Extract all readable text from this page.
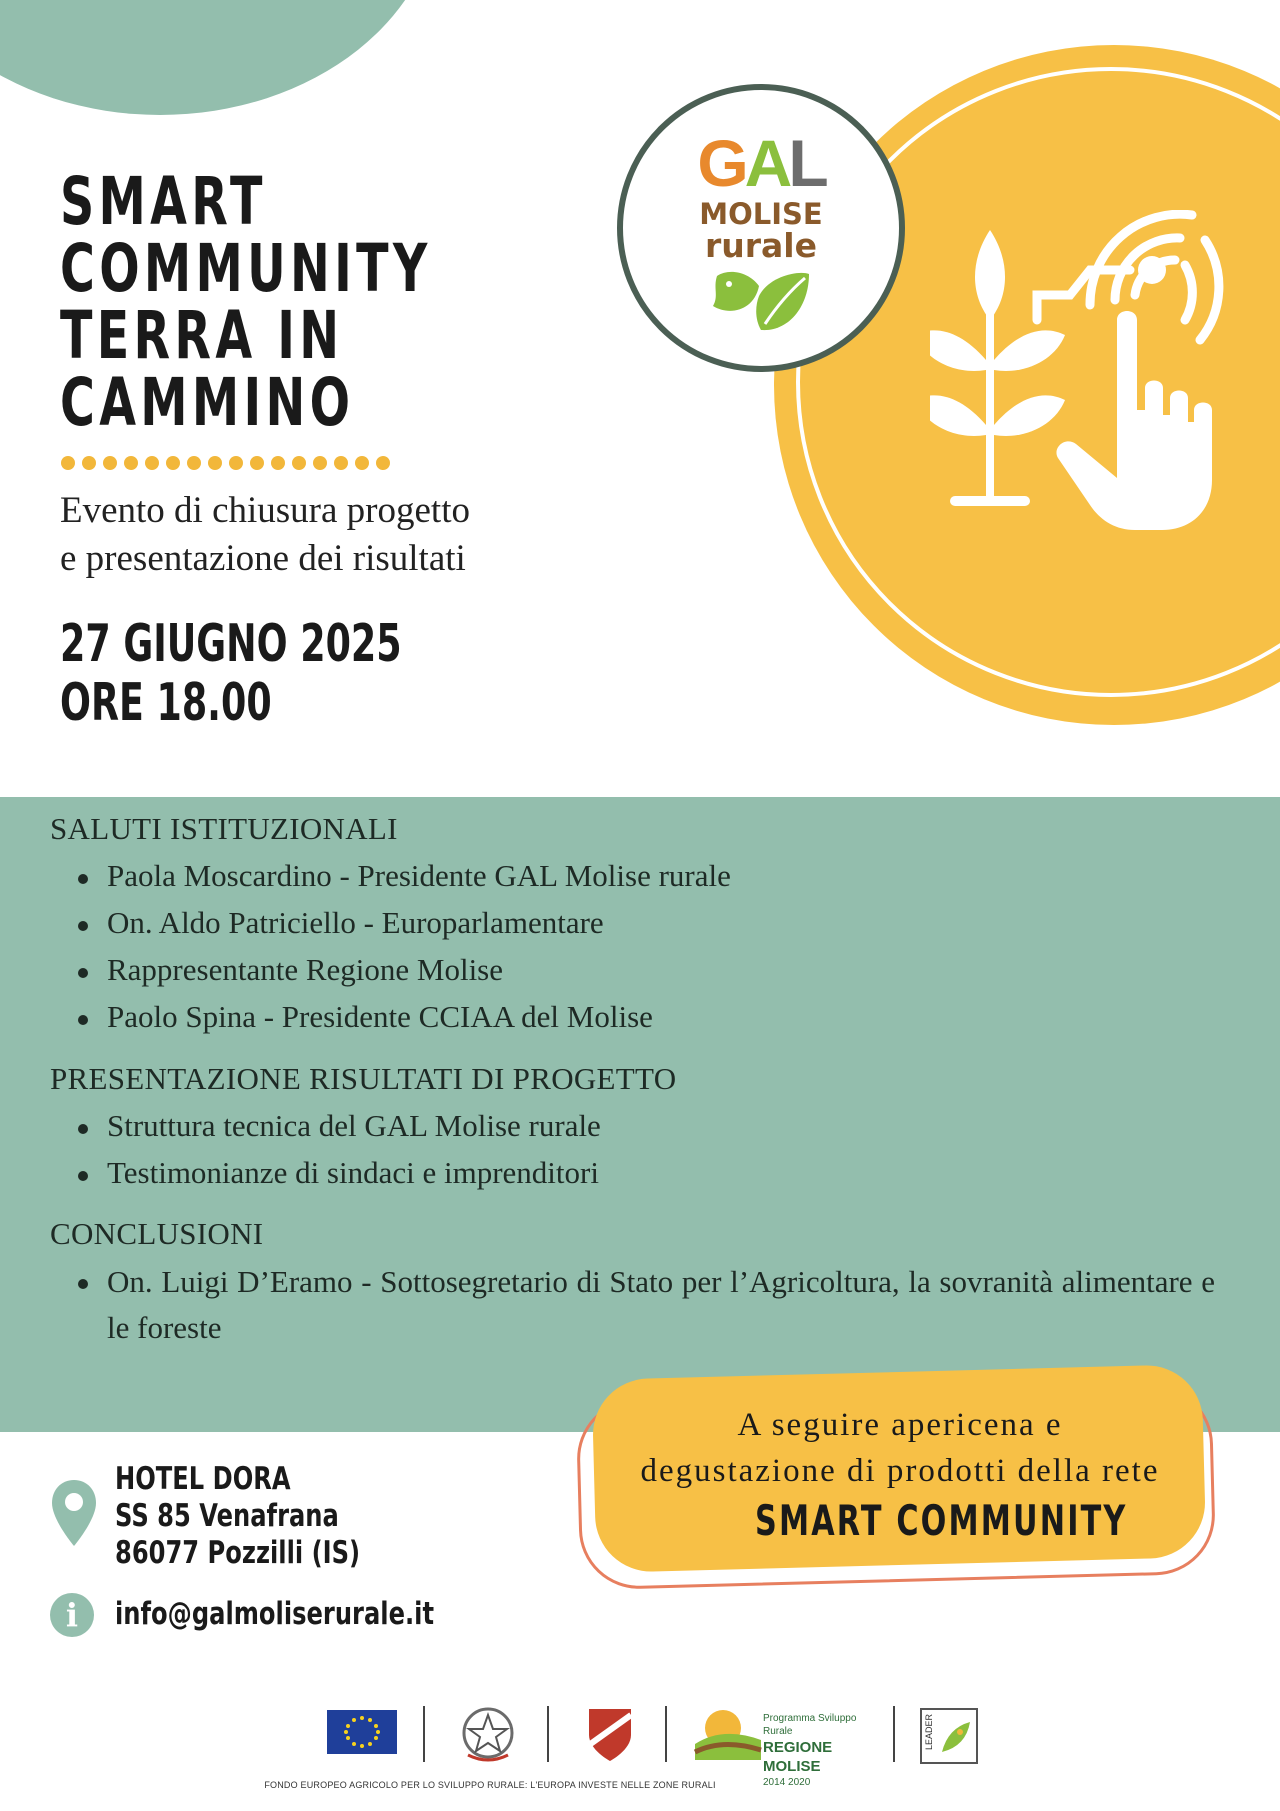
GAL
MOLISE
rurale
SMART
COMMUNITY
TERRA IN
CAMMINO
Evento di chiusura progetto
e presentazione dei risultati
27 GIUGNO 2025
ORE 18.00
SALUTI ISTITUZIONALI
Paola Moscardino - Presidente GAL Molise rurale
On. Aldo Patriciello - Europarlamentare
Rappresentante Regione Molise
Paolo Spina - Presidente CCIAA del Molise
PRESENTAZIONE RISULTATI DI PROGETTO
Struttura tecnica del GAL Molise rurale
Testimonianze di sindaci e imprenditori
CONCLUSIONI
On. Luigi D’Eramo - Sottosegretario di Stato per l’Agricoltura, la sovranità alimentare e le foreste
A seguire apericena e
degustazione di prodotti della rete
SMART COMMUNITY
HOTEL DORA
SS 85 Venafrana
86077 Pozzilli (IS)
i	info@galmoliserurale.it
Programma Sviluppo Rurale
REGIONE MOLISE
2014 2020
LEADER
FONDO EUROPEO AGRICOLO PER LO SVILUPPO RURALE: L'EUROPA INVESTE NELLE ZONE RURALI
